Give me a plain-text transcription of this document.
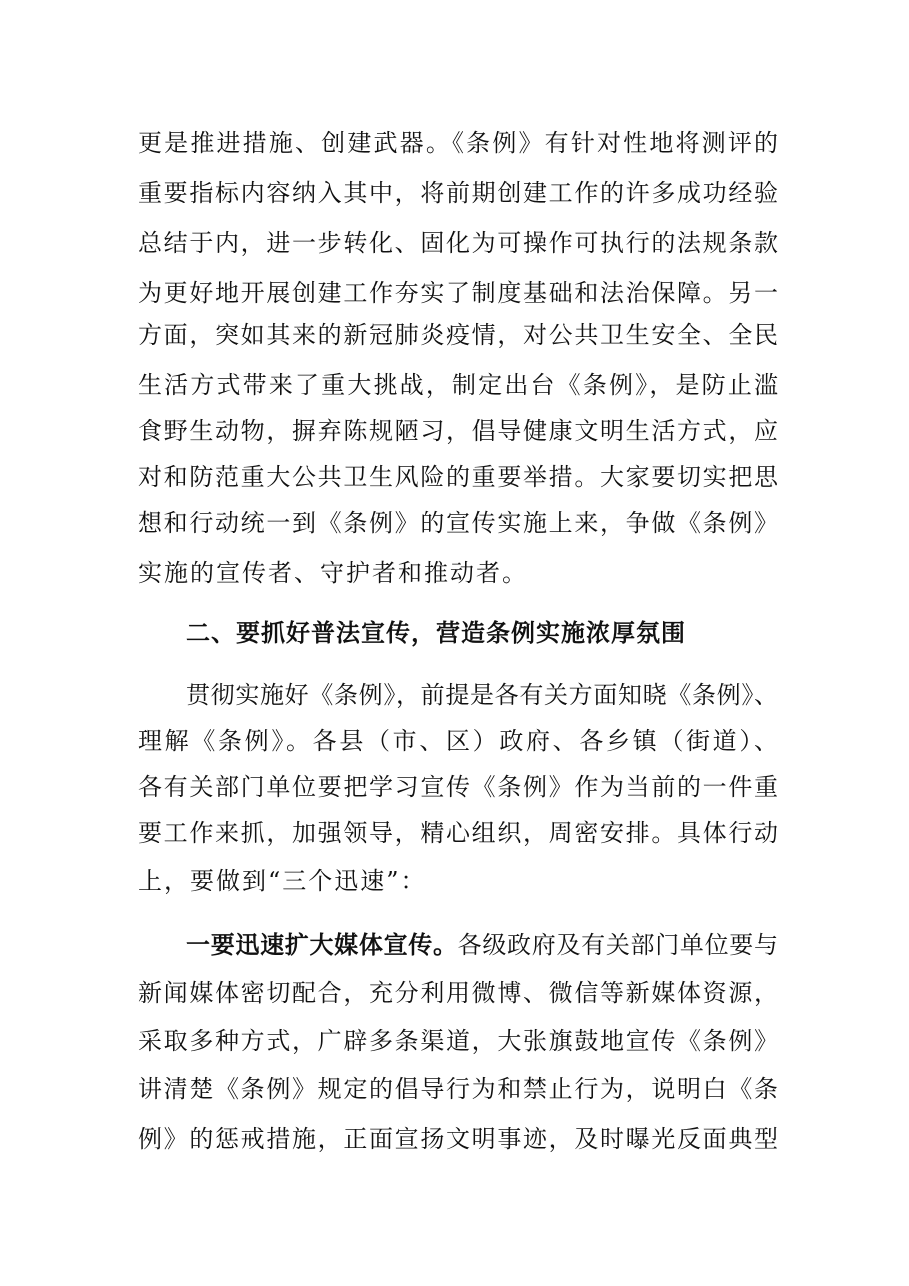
更是推进措施、创建武器。《条例》有针对性地将测评的
重要指标内容纳入其中，将前期创建工作的许多成功经验
总结于内，进一步转化、固化为可操作可执行的法规条款
为更好地开展创建工作夯实了制度基础和法治保障。另一
方面，突如其来的新冠肺炎疫情，对公共卫生安全、全民
生活方式带来了重大挑战，制定出台《条例》，是防止滥
食野生动物，摒弃陈规陋习，倡导健康文明生活方式，应
对和防范重大公共卫生风险的重要举措。大家要切实把思
想和行动统一到《条例》的宣传实施上来，争做《条例》
实施的宣传者、守护者和推动者。
二、要抓好普法宣传，营造条例实施浓厚氛围
贯彻实施好《条例》，前提是各有关方面知晓《条例》、
理解《条例》。各县（市、区）政府、各乡镇（街道）、
各有关部门单位要把学习宣传《条例》作为当前的一件重
要工作来抓，加强领导，精心组织，周密安排。具体行动
上，要做到“三个迅速”：
一要迅速扩大媒体宣传。各级政府及有关部门单位要与
新闻媒体密切配合，充分利用微博、微信等新媒体资源，
采取多种方式，广辟多条渠道，大张旗鼓地宣传《条例》
讲清楚《条例》规定的倡导行为和禁止行为，说明白《条
例》的惩戒措施，正面宣扬文明事迹，及时曝光反面典型
